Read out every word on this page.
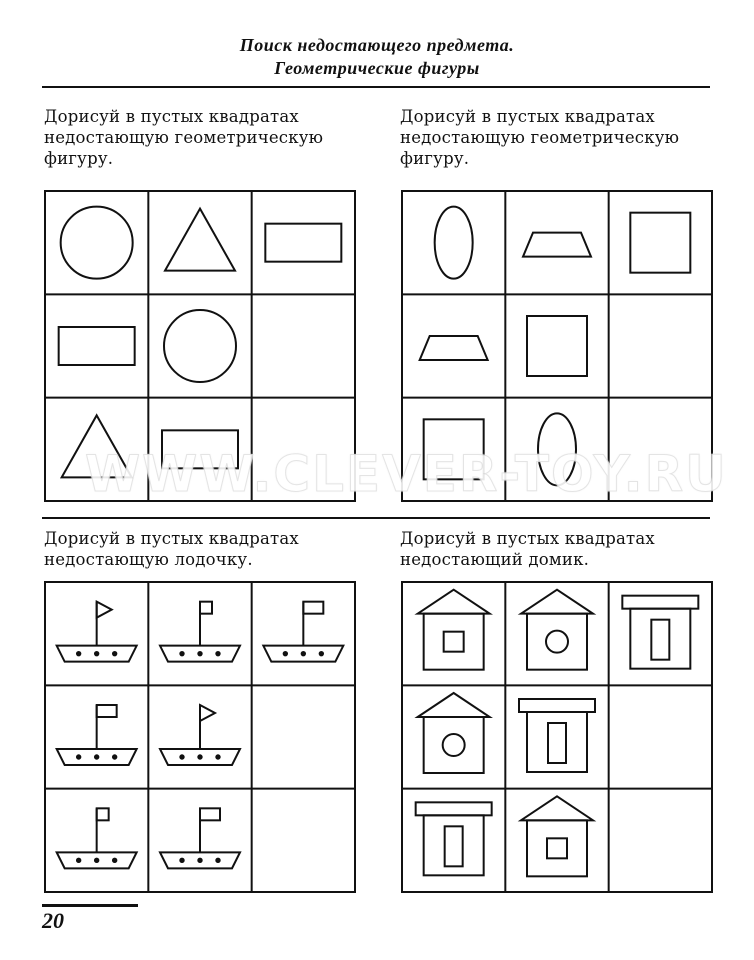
Поиск недостающего предмета.
Геометрические фигуры
Дорисуй в пустых квадратах
недостающую геометрическую
фигуру.
Дорисуй в пустых квадратах
недостающую геометрическую
фигуру.
Дорисуй в пустых квадратах
недостающую лодочку.
Дорисуй в пустых квадратах
недостающий домик.
WWW.CLEVER-TOY.RU
20
